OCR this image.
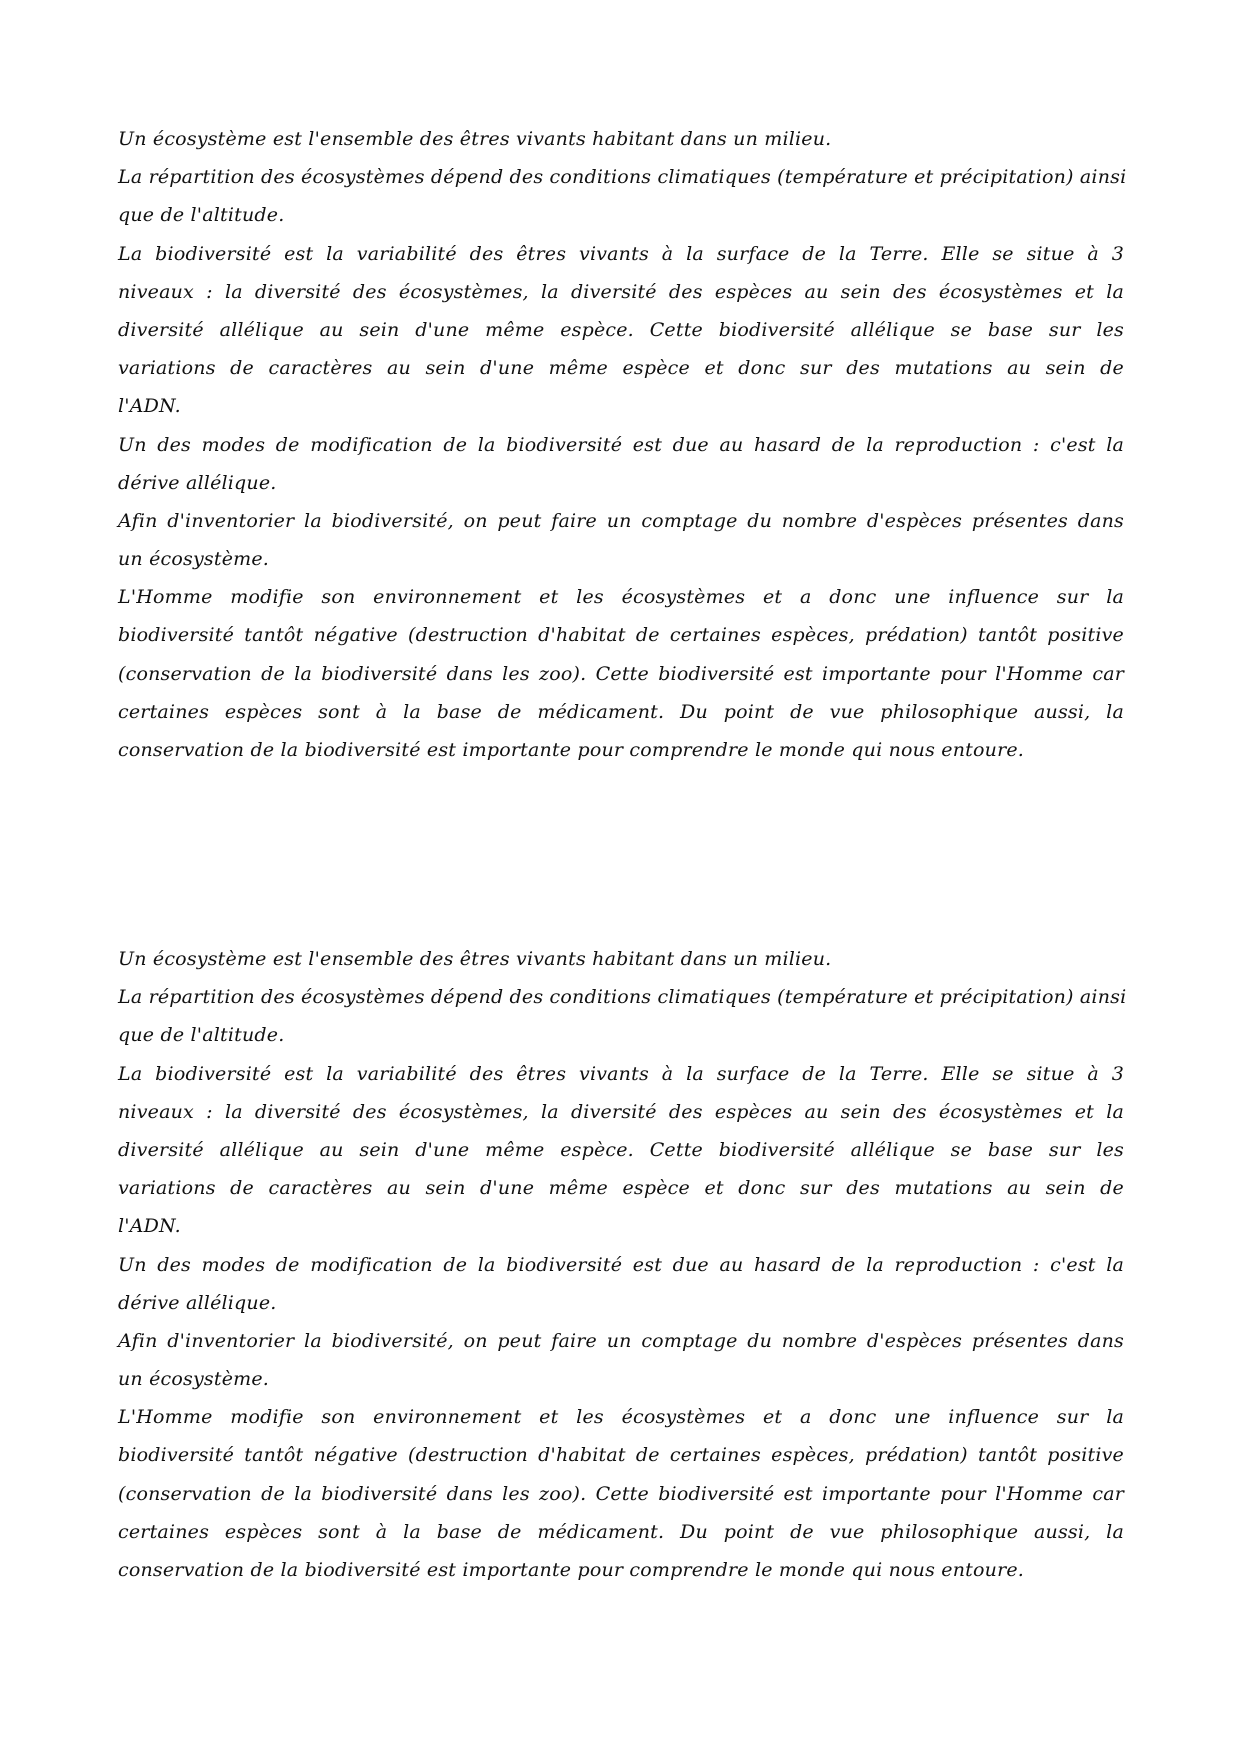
Un écosystème est l'ensemble des êtres vivants habitant dans un milieu.
La répartition des écosystèmes dépend des conditions climatiques (température et précipitation) ainsi
que de l'altitude.
La biodiversité est la variabilité des êtres vivants à la surface de la Terre. Elle se situe à 3
niveaux : la diversité des écosystèmes, la diversité des espèces au sein des écosystèmes et la
diversité allélique au sein d'une même espèce. Cette biodiversité allélique se base sur les
variations de caractères au sein d'une même espèce et donc sur des mutations au sein de
l'ADN.
Un des modes de modification de la biodiversité est due au hasard de la reproduction : c'est la
dérive allélique.
Afin d'inventorier la biodiversité, on peut faire un comptage du nombre d'espèces présentes dans
un écosystème.
L'Homme modifie son environnement et les écosystèmes et a donc une influence sur la
biodiversité tantôt négative (destruction d'habitat de certaines espèces, prédation) tantôt positive
(conservation de la biodiversité dans les zoo). Cette biodiversité est importante pour l'Homme car
certaines espèces sont à la base de médicament. Du point de vue philosophique aussi, la
conservation de la biodiversité est importante pour comprendre le monde qui nous entoure.
Un écosystème est l'ensemble des êtres vivants habitant dans un milieu.
La répartition des écosystèmes dépend des conditions climatiques (température et précipitation) ainsi
que de l'altitude.
La biodiversité est la variabilité des êtres vivants à la surface de la Terre. Elle se situe à 3
niveaux : la diversité des écosystèmes, la diversité des espèces au sein des écosystèmes et la
diversité allélique au sein d'une même espèce. Cette biodiversité allélique se base sur les
variations de caractères au sein d'une même espèce et donc sur des mutations au sein de
l'ADN.
Un des modes de modification de la biodiversité est due au hasard de la reproduction : c'est la
dérive allélique.
Afin d'inventorier la biodiversité, on peut faire un comptage du nombre d'espèces présentes dans
un écosystème.
L'Homme modifie son environnement et les écosystèmes et a donc une influence sur la
biodiversité tantôt négative (destruction d'habitat de certaines espèces, prédation) tantôt positive
(conservation de la biodiversité dans les zoo). Cette biodiversité est importante pour l'Homme car
certaines espèces sont à la base de médicament. Du point de vue philosophique aussi, la
conservation de la biodiversité est importante pour comprendre le monde qui nous entoure.
